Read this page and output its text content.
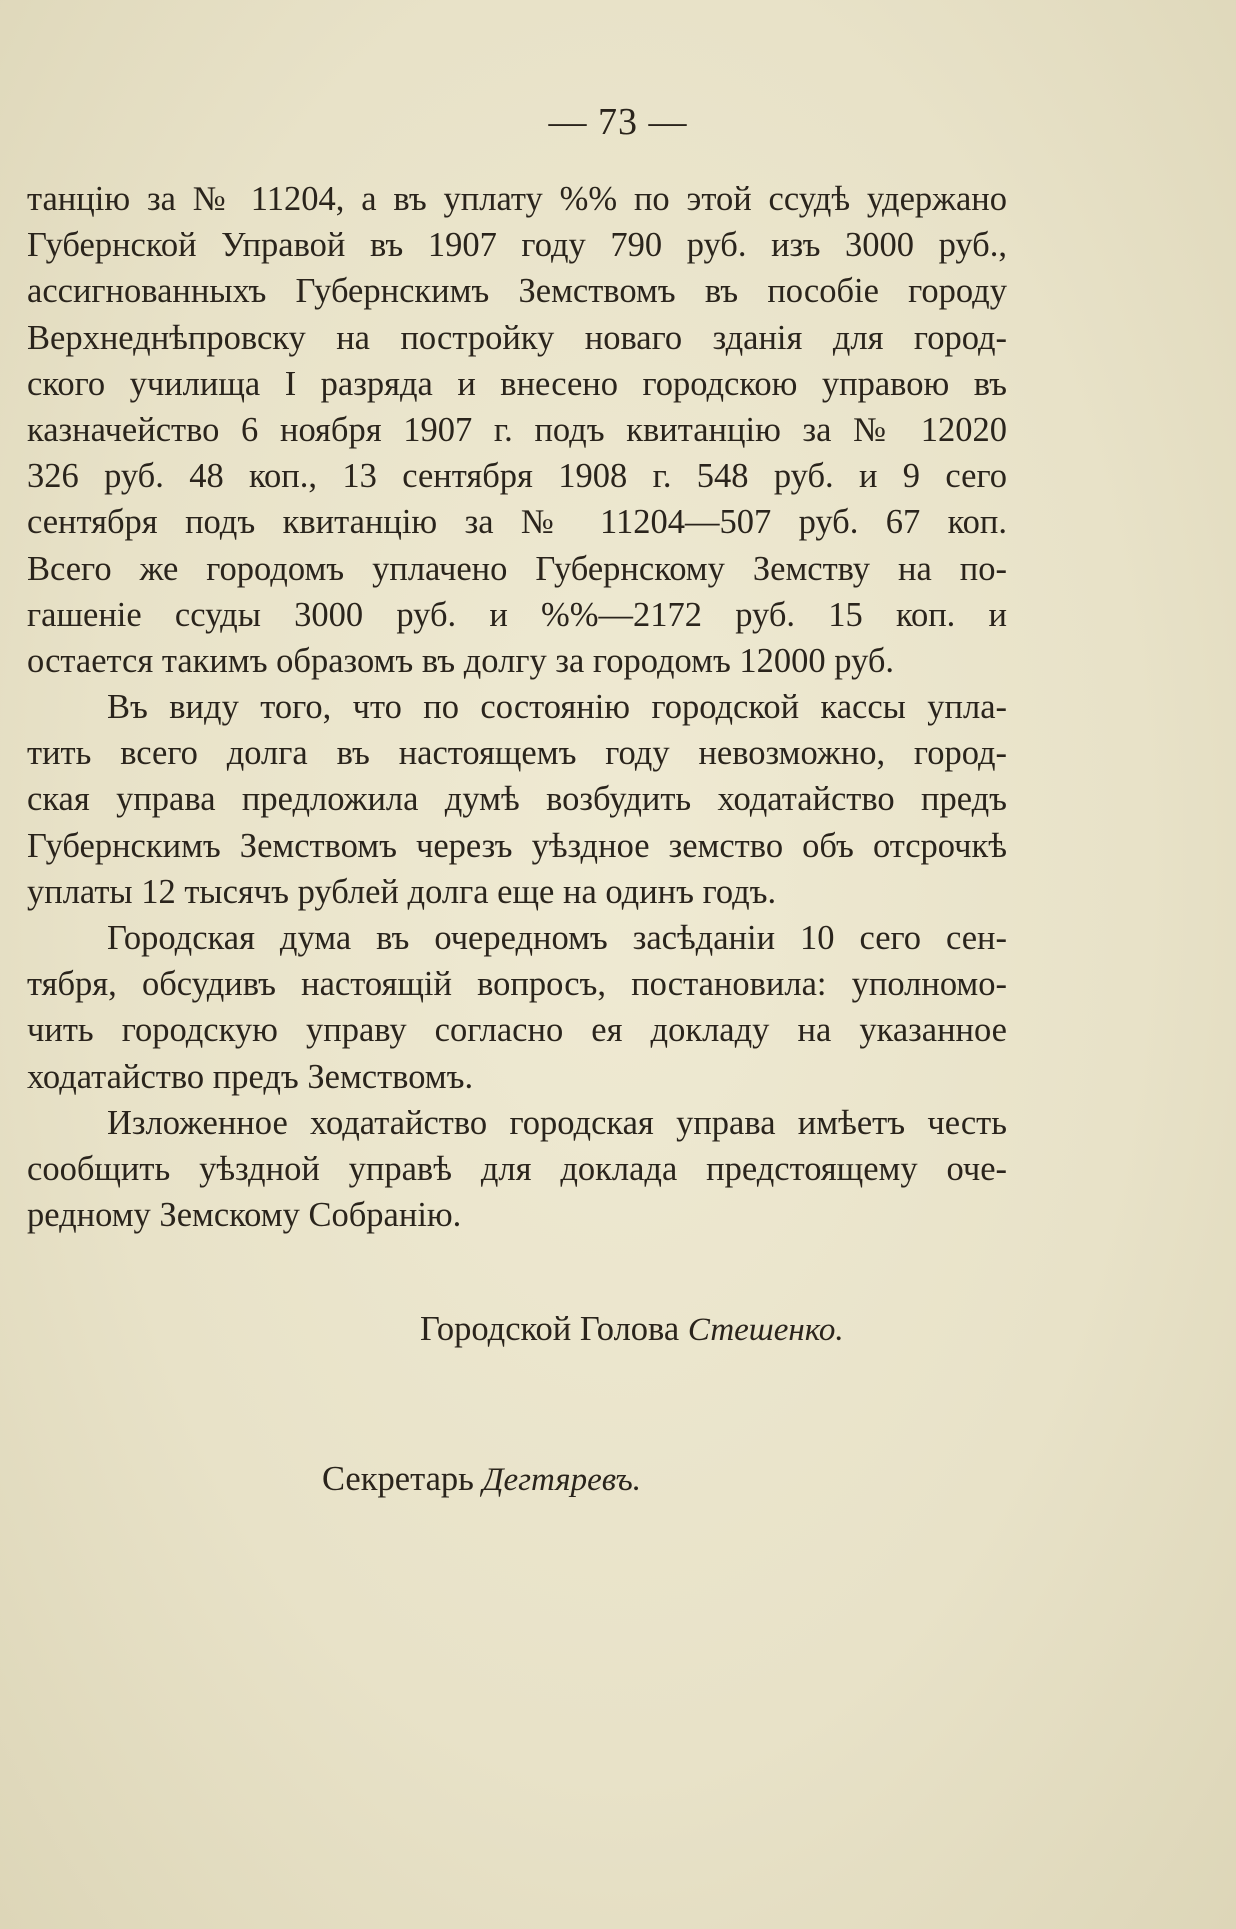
— 73 —
танцію за № 11204, а въ уплату %% по этой ссудѣ удержано
Губернской Управой въ 1907 году 790 руб. изъ 3000 руб.,
ассигнованныхъ Губернскимъ Земствомъ въ пособіе городу
Верхнеднѣпровску на постройку новаго зданія для город-
ского училища I разряда и внесено городскою управою въ
казначейство 6 ноября 1907 г. подъ квитанцію за № 12020
326 руб. 48 коп., 13 сентября 1908 г. 548 руб. и 9 сего
сентября подъ квитанцію за № 11204—507 руб. 67 коп.
Всего же городомъ уплачено Губернскому Земству на по-
гашеніе ссуды 3000 руб. и %%—2172 руб. 15 коп. и
остается такимъ образомъ въ долгу за городомъ 12000 руб.
Въ виду того, что по состоянію городской кассы упла-
тить всего долга въ настоящемъ году невозможно, город-
ская управа предложила думѣ возбудить ходатайство предъ
Губернскимъ Земствомъ черезъ уѣздное земство объ отсрочкѣ
уплаты 12 тысячъ рублей долга еще на одинъ годъ.
Городская дума въ очередномъ засѣданіи 10 сего сен-
тября, обсудивъ настоящій вопросъ, постановила: уполномо-
чить городскую управу согласно ея докладу на указанное
ходатайство предъ Земствомъ.
Изложенное ходатайство городская управа имѣетъ честь
сообщить уѣздной управѣ для доклада предстоящему оче-
редному Земскому Собранію.
Городской Голова Стешенко.
Секретарь Дегтяревъ.
